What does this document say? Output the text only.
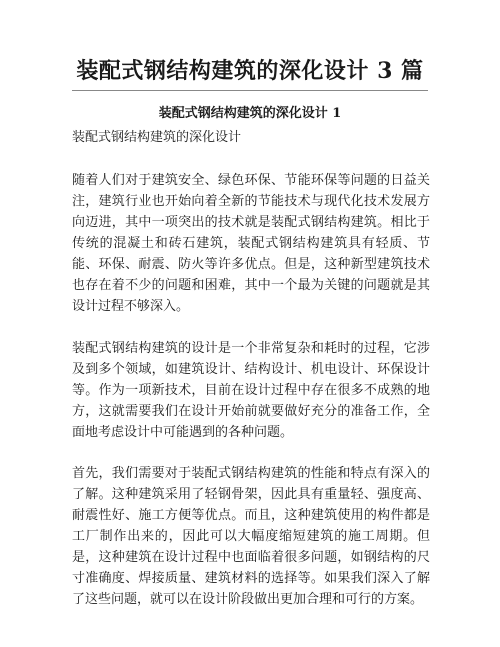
装配式钢结构建筑的深化设计 3 篇
装配式钢结构建筑的深化设计 1
装配式钢结构建筑的深化设计

随着人们对于建筑安全、绿色环保、节能环保等问题的日益关注，建筑行业也开始向着全新的节能技术与现代化技术发展方向迈进，其中一项突出的技术就是装配式钢结构建筑。相比于传统的混凝土和砖石建筑，装配式钢结构建筑具有轻质、节能、环保、耐震、防火等许多优点。但是，这种新型建筑技术也存在着不少的问题和困难，其中一个最为关键的问题就是其设计过程不够深入。

装配式钢结构建筑的设计是一个非常复杂和耗时的过程，它涉及到多个领域，如建筑设计、结构设计、机电设计、环保设计等。作为一项新技术，目前在设计过程中存在很多不成熟的地方，这就需要我们在设计开始前就要做好充分的准备工作，全面地考虑设计中可能遇到的各种问题。

首先，我们需要对于装配式钢结构建筑的性能和特点有深入的了解。这种建筑采用了轻钢骨架，因此具有重量轻、强度高、耐震性好、施工方便等优点。而且，这种建筑使用的构件都是工厂制作出来的，因此可以大幅度缩短建筑的施工周期。但是，这种建筑在设计过程中也面临着很多问题，如钢结构的尺寸准确度、焊接质量、建筑材料的选择等。如果我们深入了解了这些问题，就可以在设计阶段做出更加合理和可行的方案。
